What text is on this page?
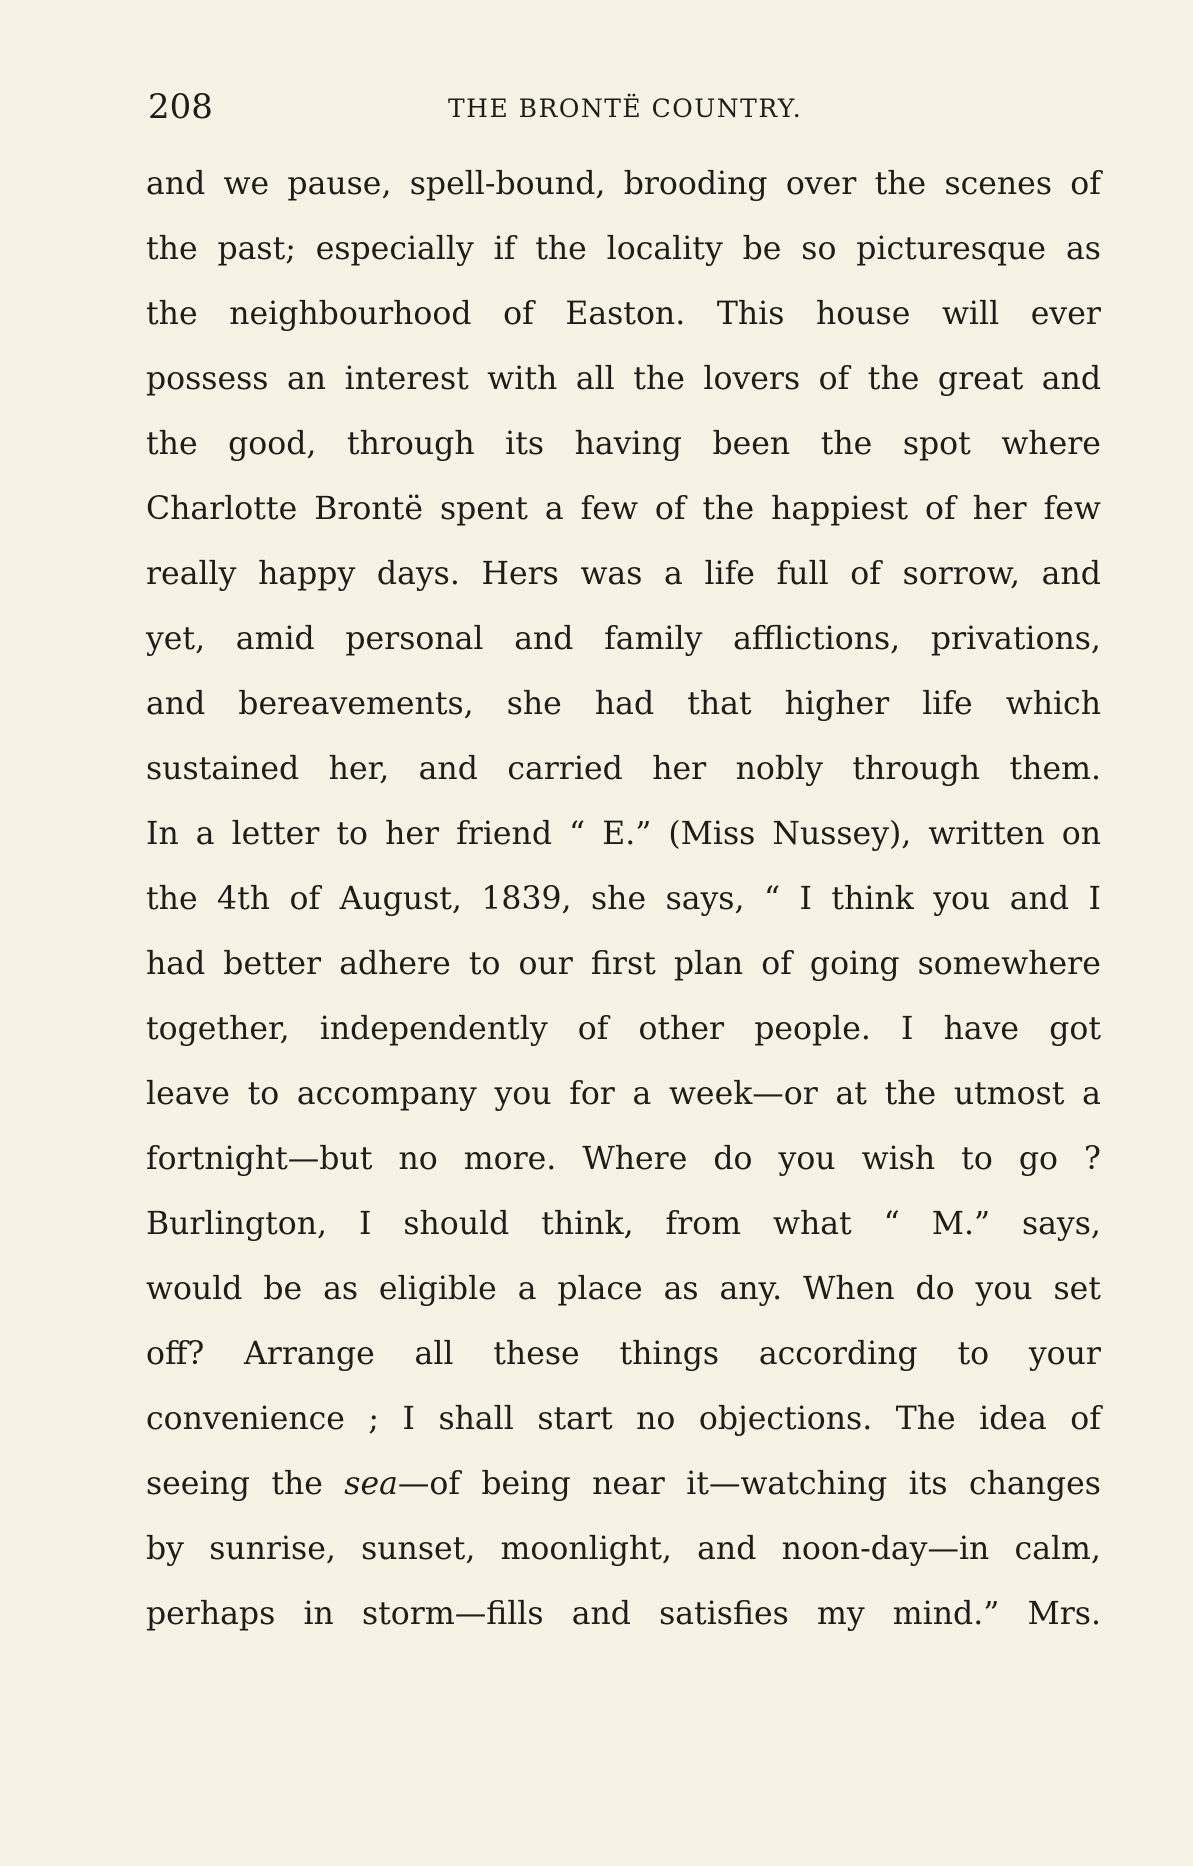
208	THE BRONTË COUNTRY.
and we pause, spell-bound, brooding over the scenes of
the past; especially if the locality be so picturesque as
the neighbourhood of Easton. This house will ever
possess an interest with all the lovers of the great and
the good, through its having been the spot where
Charlotte Brontë spent a few of the happiest of her few
really happy days. Hers was a life full of sorrow, and
yet, amid personal and family afflictions, privations,
and bereavements, she had that higher life which
sustained her, and carried her nobly through them.
In a letter to her friend “ E.” (Miss Nussey), written on
the 4th of August, 1839, she says, “ I think you and I
had better adhere to our first plan of going somewhere
together, independently of other people. I have got
leave to accompany you for a week—or at the utmost a
fortnight—but no more. Where do you wish to go ?
Burlington, I should think, from what “ M.” says,
would be as eligible a place as any. When do you set
off? Arrange all these things according to your
convenience ; I shall start no objections. The idea of
seeing the sea—of being near it—watching its changes
by sunrise, sunset, moonlight, and noon-day—in calm,
perhaps in storm—fills and satisfies my mind.” Mrs.
